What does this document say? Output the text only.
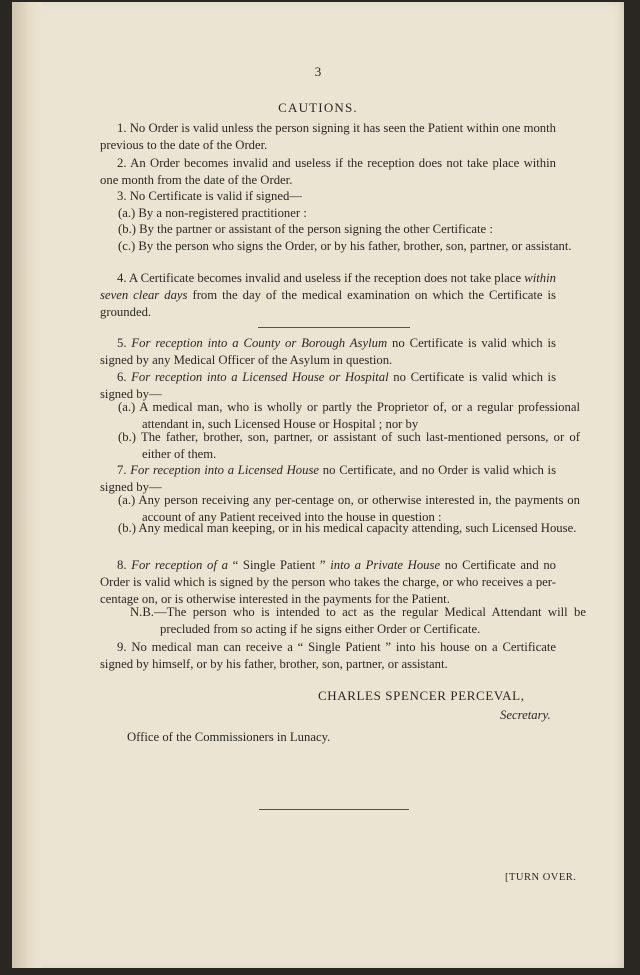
3
CAUTIONS.
1. No Order is valid unless the person signing it has seen the Patient within one month previous to the date of the Order.
2. An Order becomes invalid and useless if the reception does not take place within one month from the date of the Order.
3. No Certificate is valid if signed—
(a.) By a non-registered practitioner :
(b.) By the partner or assistant of the person signing the other Certificate :
(c.) By the person who signs the Order, or by his father, brother, son, partner, or assistant.
4. A Certificate becomes invalid and useless if the reception does not take place within seven clear days from the day of the medical examination on which the Certificate is grounded.
5. For reception into a County or Borough Asylum no Certificate is valid which is signed by any Medical Officer of the Asylum in question.
6. For reception into a Licensed House or Hospital no Certificate is valid which is signed by—
(a.) A medical man, who is wholly or partly the Proprietor of, or a regular professional attendant in, such Licensed House or Hospital ; nor by
(b.) The father, brother, son, partner, or assistant of such last-mentioned persons, or of either of them.
7. For reception into a Licensed House no Certificate, and no Order is valid which is signed by—
(a.) Any person receiving any per-centage on, or otherwise interested in, the payments on account of any Patient received into the house in question :
(b.) Any medical man keeping, or in his medical capacity attending, such Licensed House.
8. For reception of a “ Single Patient ” into a Private House no Certificate and no Order is valid which is signed by the person who takes the charge, or who receives a per-centage on, or is otherwise interested in the payments for the Patient.
N.B.—The person who is intended to act as the regular Medical Attendant will be precluded from so acting if he signs either Order or Certificate.
9. No medical man can receive a “ Single Patient ” into his house on a Certificate signed by himself, or by his father, brother, son, partner, or assistant.
CHARLES SPENCER PERCEVAL,
Secretary.
Office of the Commissioners in Lunacy.
[TURN OVER.
